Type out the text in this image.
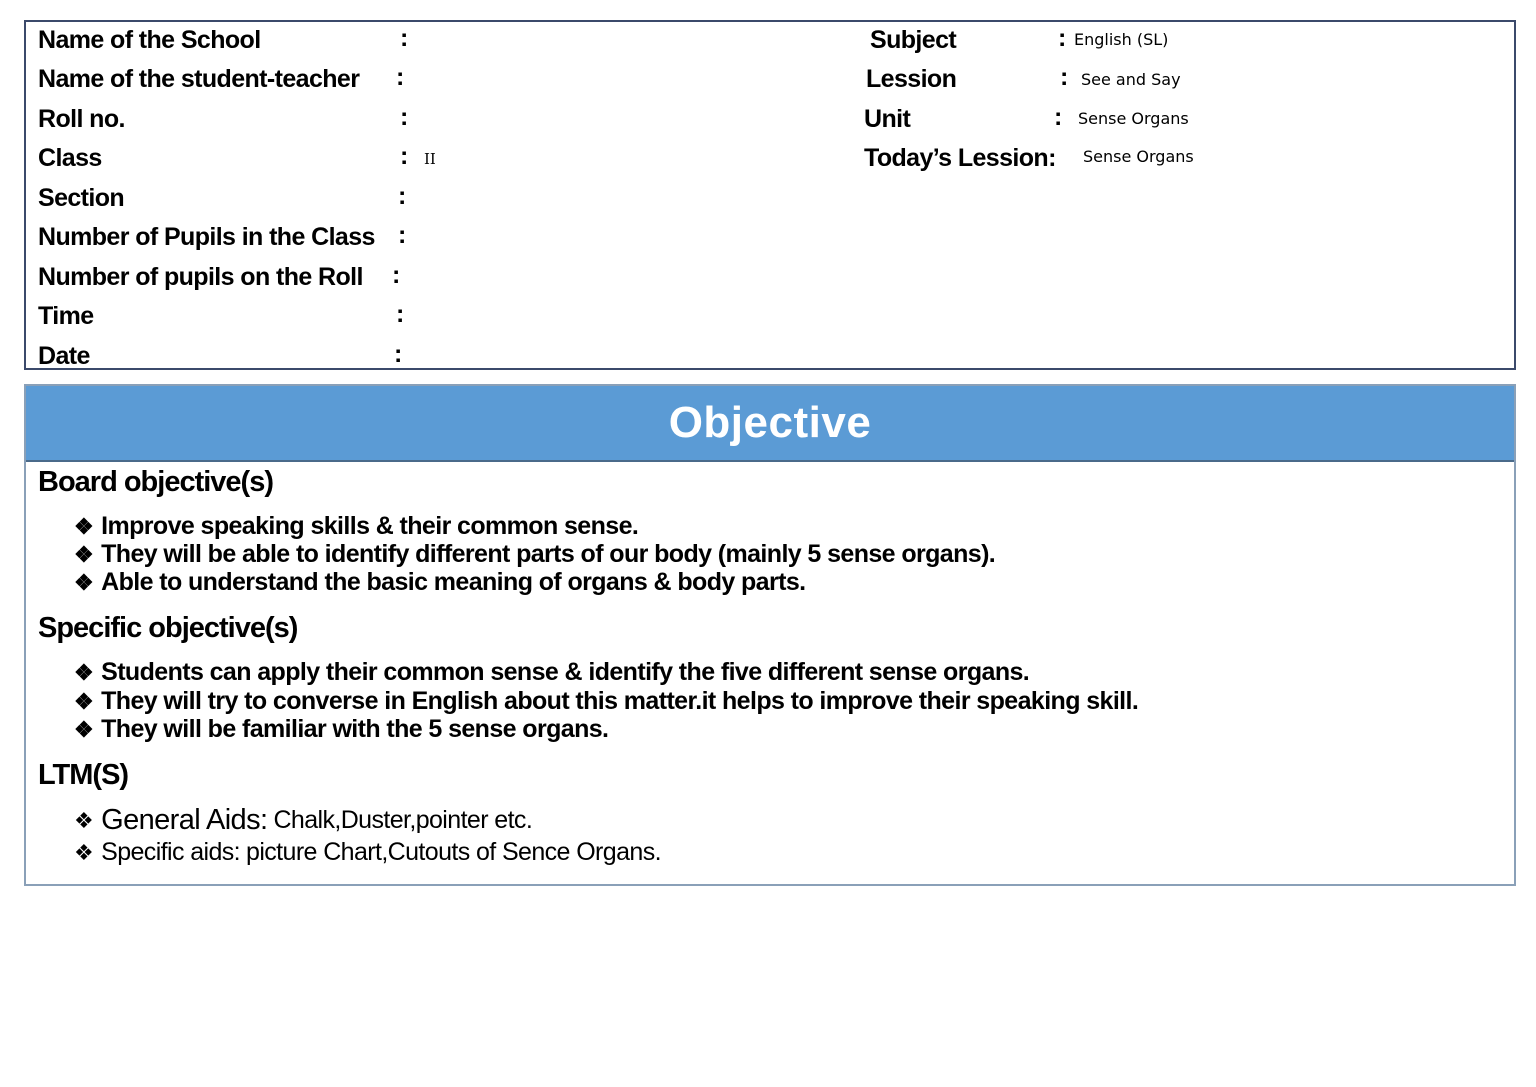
Name of the School	:
Name of the student-teacher :
Roll no.	:
Class	: II
Section	:
Number of Pupils in the Class :
Number of pupils on the Roll :
Time	:
Date	:
Subject	: English (SL)
Lession	: See and Say
Unit	: Sense Organs
Today’s Lession: Sense Organs
Objective
Board objective(s)
❖ Improve speaking skills & their common sense.
❖ They will be able to identify different parts of our body (mainly 5 sense organs).
❖ Able to understand the basic meaning of organs & body parts.
Specific objective(s)
❖ Students can apply their common sense & identify the five different sense organs.
❖ They will try to converse in English about this matter.it helps to improve their speaking skill.
❖ They will be familiar with the 5 sense organs.
LTM(S)
❖ General Aids: Chalk,Duster,pointer etc.
❖ Specific aids: picture Chart,Cutouts of Sence Organs.
